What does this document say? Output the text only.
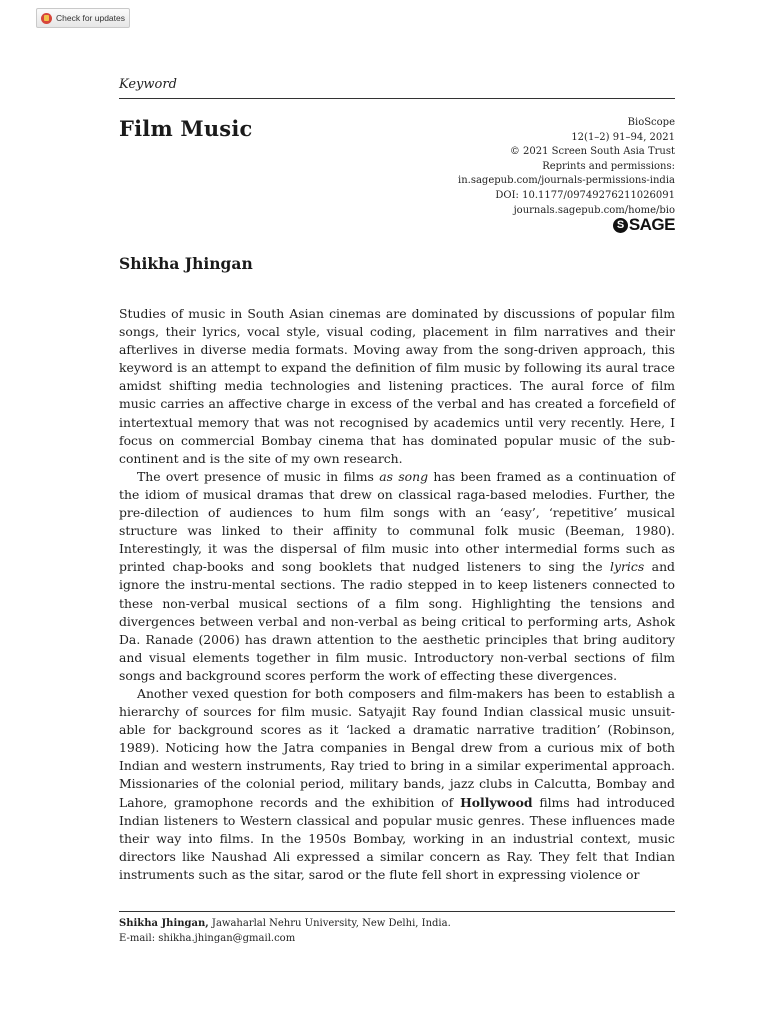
Check for updates
Keyword
Film Music	BioScope
12(1–2) 91–94, 2021
© 2021 Screen South Asia Trust
Reprints and permissions:
in.sagepub.com/journals-permissions-india
DOI: 10.1177/09749276211026091
journals.sagepub.com/home/bio
S SAGE
Shikha Jhingan

Studies of music in South Asian cinemas are dominated by discussions of popular film songs, their lyrics, vocal style, visual coding, placement in film narratives and their afterlives in diverse media formats. Moving away from the song-driven approach, this keyword is an attempt to expand the definition of film music by following its aural trace amidst shifting media technologies and listening practices. The aural force of film music carries an affective charge in excess of the verbal and has created a forcefield of intertextual memory that was not recognised by academics until very recently. Here, I focus on commercial Bombay cinema that has dominated popular music of the sub-continent and is the site of my own research.

The overt presence of music in films as song has been framed as a continuation of the idiom of musical dramas that drew on classical raga-based melodies. Further, the pre-dilection of audiences to hum film songs with an ‘easy’, ‘repetitive’ musical structure was linked to their affinity to communal folk music (Beeman, 1980). Interestingly, it was the dispersal of film music into other intermedial forms such as printed chap-books and song booklets that nudged listeners to sing the lyrics and ignore the instru-mental sections. The radio stepped in to keep listeners connected to these non-verbal musical sections of a film song. Highlighting the tensions and divergences between verbal and non-verbal as being critical to performing arts, Ashok Da. Ranade (2006) has drawn attention to the aesthetic principles that bring auditory and visual elements together in film music. Introductory non-verbal sections of film songs and background scores perform the work of effecting these divergences.

Another vexed question for both composers and film-makers has been to establish a hierarchy of sources for film music. Satyajit Ray found Indian classical music unsuit-able for background scores as it ‘lacked a dramatic narrative tradition’ (Robinson, 1989). Noticing how the Jatra companies in Bengal drew from a curious mix of both Indian and western instruments, Ray tried to bring in a similar experimental approach. Missionaries of the colonial period, military bands, jazz clubs in Calcutta, Bombay and Lahore, gramophone records and the exhibition of Hollywood films had introduced Indian listeners to Western classical and popular music genres. These influences made their way into films. In the 1950s Bombay, working in an industrial context, music directors like Naushad Ali expressed a similar concern as Ray. They felt that Indian instruments such as the sitar, sarod or the flute fell short in expressing violence or

Shikha Jhingan, Jawaharlal Nehru University, New Delhi, India.
E-mail: shikha.jhingan@gmail.com
